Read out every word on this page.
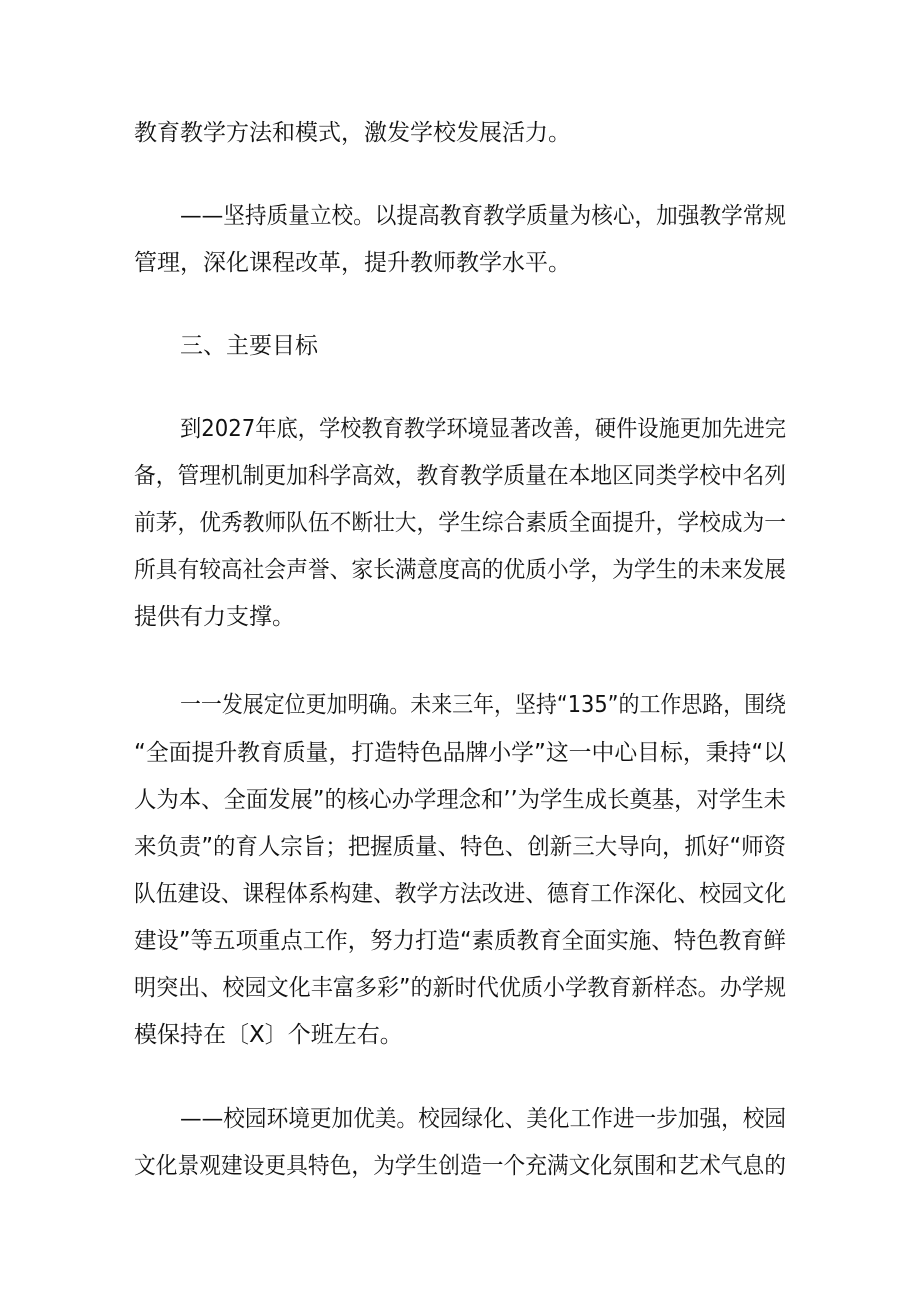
教育教学方法和模式，激发学校发展活力。
——坚持质量立校。以提高教育教学质量为核心，加强教学常规
管理，深化课程改革，提升教师教学水平。
三、主要目标
到2027年底，学校教育教学环境显著改善，硬件设施更加先进完
备，管理机制更加科学高效，教育教学质量在本地区同类学校中名列
前茅，优秀教师队伍不断壮大，学生综合素质全面提升，学校成为一
所具有较高社会声誉、家长满意度高的优质小学，为学生的未来发展
提供有力支撑。
一一发展定位更加明确。未来三年，坚持“135”的工作思路，围绕
“全面提升教育质量，打造特色品牌小学”这一中心目标，秉持“以
人为本、全面发展”的核心办学理念和’’为学生成长奠基，对学生未
来负责”的育人宗旨；把握质量、特色、创新三大导向，抓好“师资
队伍建设、课程体系构建、教学方法改进、德育工作深化、校园文化
建设”等五项重点工作，努力打造“素质教育全面实施、特色教育鲜
明突出、校园文化丰富多彩”的新时代优质小学教育新样态。办学规
模保持在〔X〕个班左右。
——校园环境更加优美。校园绿化、美化工作进一步加强，校园
文化景观建设更具特色，为学生创造一个充满文化氛围和艺术气息的
